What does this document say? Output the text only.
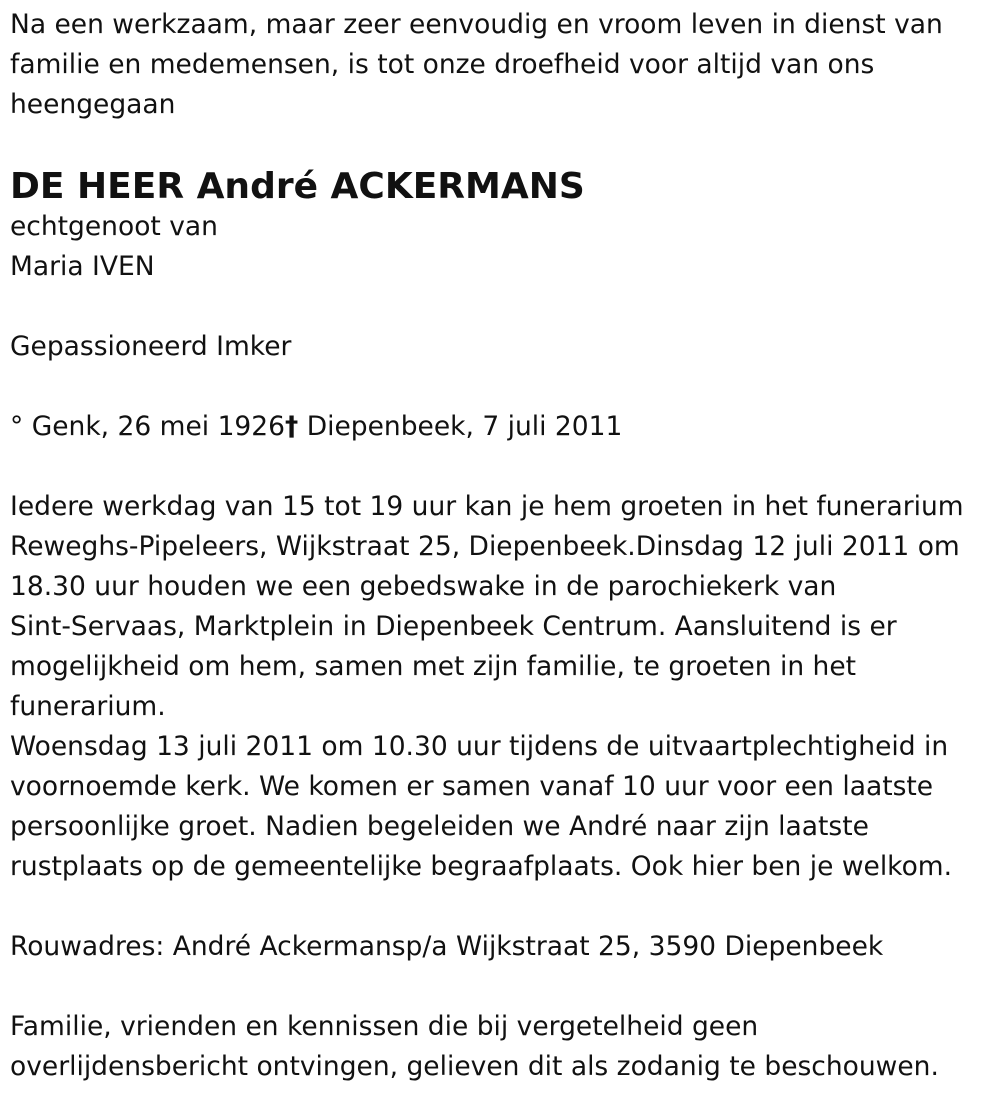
Na een werkzaam, maar zeer eenvoudig en vroom leven in dienst van
familie en medemensen, is tot onze droefheid voor altijd van ons
heengegaan
DE HEER André ACKERMANS
echtgenoot van
Maria IVEN
Gepassioneerd Imker
° Genk, 26 mei 1926† Diepenbeek, 7 juli 2011
Iedere werkdag van 15 tot 19 uur kan je hem groeten in het funerarium
Reweghs-Pipeleers, Wijkstraat 25, Diepenbeek.Dinsdag 12 juli 2011 om
18.30 uur houden we een gebedswake in de parochiekerk van
Sint-Servaas, Marktplein in Diepenbeek Centrum. Aansluitend is er
mogelijkheid om hem, samen met zijn familie, te groeten in het
funerarium.
Woensdag 13 juli 2011 om 10.30 uur tijdens de uitvaartplechtigheid in
voornoemde kerk. We komen er samen vanaf 10 uur voor een laatste
persoonlijke groet. Nadien begeleiden we André naar zijn laatste
rustplaats op de gemeentelijke begraafplaats. Ook hier ben je welkom.
Rouwadres: André Ackermansp/a Wijkstraat 25, 3590 Diepenbeek
Familie, vrienden en kennissen die bij vergetelheid geen
overlijdensbericht ontvingen, gelieven dit als zodanig te beschouwen.
